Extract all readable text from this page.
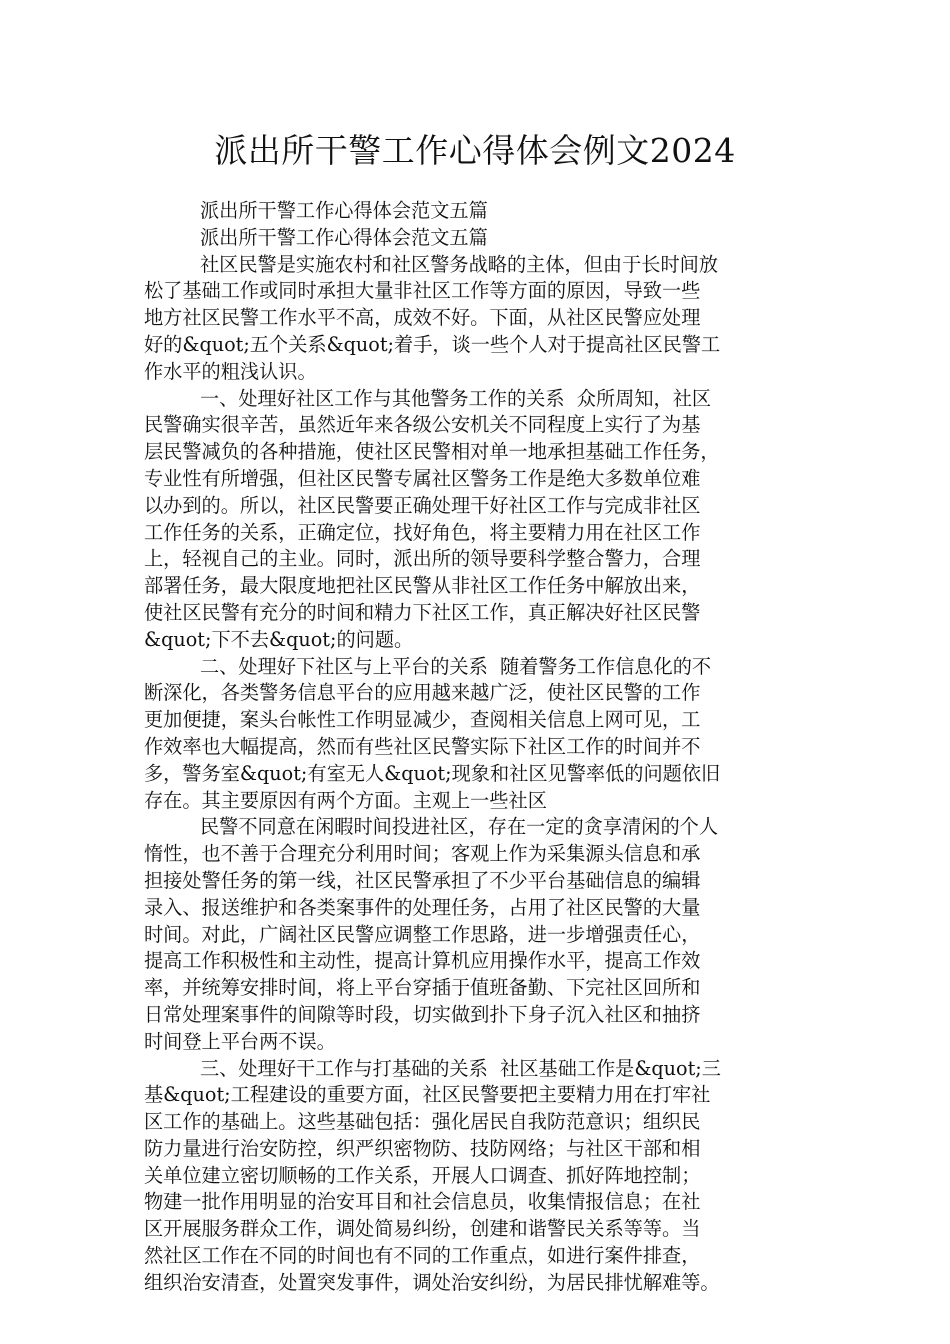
派出所干警工作心得体会例文2024
派出所干警工作心得体会范文五篇
派出所干警工作心得体会范文五篇
社区民警是实施农村和社区警务战略的主体，但由于长时间放
松了基础工作或同时承担大量非社区工作等方面的原因，导致一些
地方社区民警工作水平不高，成效不好。下面，从社区民警应处理
好的&quot;五个关系&quot;着手，谈一些个人对于提高社区民警工
作水平的粗浅认识。
一、处理好社区工作与其他警务工作的关系  众所周知，社区
民警确实很辛苦，虽然近年来各级公安机关不同程度上实行了为基
层民警减负的各种措施，使社区民警相对单一地承担基础工作任务，
专业性有所增强，但社区民警专属社区警务工作是绝大多数单位难
以办到的。所以，社区民警要正确处理干好社区工作与完成非社区
工作任务的关系，正确定位，找好角色，将主要精力用在社区工作
上，轻视自己的主业。同时，派出所的领导要科学整合警力，合理
部署任务，最大限度地把社区民警从非社区工作任务中解放出来，
使社区民警有充分的时间和精力下社区工作，真正解决好社区民警
&quot;下不去&quot;的问题。
二、处理好下社区与上平台的关系  随着警务工作信息化的不
断深化，各类警务信息平台的应用越来越广泛，使社区民警的工作
更加便捷，案头台帐性工作明显减少，查阅相关信息上网可见，工
作效率也大幅提高，然而有些社区民警实际下社区工作的时间并不
多，警务室&quot;有室无人&quot;现象和社区见警率低的问题依旧
存在。其主要原因有两个方面。主观上一些社区
民警不同意在闲暇时间投进社区，存在一定的贪享清闲的个人
惰性，也不善于合理充分利用时间；客观上作为采集源头信息和承
担接处警任务的第一线，社区民警承担了不少平台基础信息的编辑
录入、报送维护和各类案事件的处理任务，占用了社区民警的大量
时间。对此，广阔社区民警应调整工作思路，进一步增强责任心，
提高工作积极性和主动性，提高计算机应用操作水平，提高工作效
率，并统筹安排时间，将上平台穿插于值班备勤、下完社区回所和
日常处理案事件的间隙等时段，切实做到扑下身子沉入社区和抽挤
时间登上平台两不误。
三、处理好干工作与打基础的关系  社区基础工作是&quot;三
基&quot;工程建设的重要方面，社区民警要把主要精力用在打牢社
区工作的基础上。这些基础包括：强化居民自我防范意识；组织民
防力量进行治安防控，织严织密物防、技防网络；与社区干部和相
关单位建立密切顺畅的工作关系，开展人口调查、抓好阵地控制；
物建一批作用明显的治安耳目和社会信息员，收集情报信息；在社
区开展服务群众工作，调处简易纠纷，创建和谐警民关系等等。当
然社区工作在不同的时间也有不同的工作重点，如进行案件排查，
组织治安清查，处置突发事件，调处治安纠纷，为居民排忧解难等。
